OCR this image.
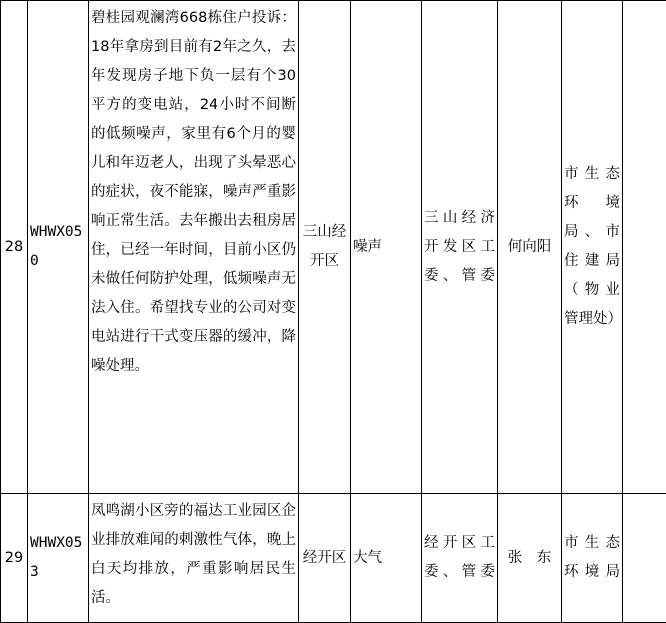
28	WHWX050	碧桂园观澜湾668栋住户投诉：18年拿房到目前有2年之久，去年发现房子地下负一层有个30平方的变电站，24小时不间断的低频噪声，家里有6个月的婴儿和年迈老人，出现了头晕恶心的症状，夜不能寐，噪声严重影响正常生活。去年搬出去租房居住，已经一年时间，目前小区仍未做任何防护处理，低频噪声无法入住。希望找专业的公司对变电站进行干式变压器的缓冲，降噪处理。	三山经开区	噪声	三山经济开发区工委、管委	何向阳	市生态环境局、市住建局（物业管理处）	
29	WHWX053	凤鸣湖小区旁的福达工业园区企业排放难闻的刺激性气体，晚上白天均排放，严重影响居民生活。	经开区	大气	经开区工委、管委	张　东	市生态环境局	
